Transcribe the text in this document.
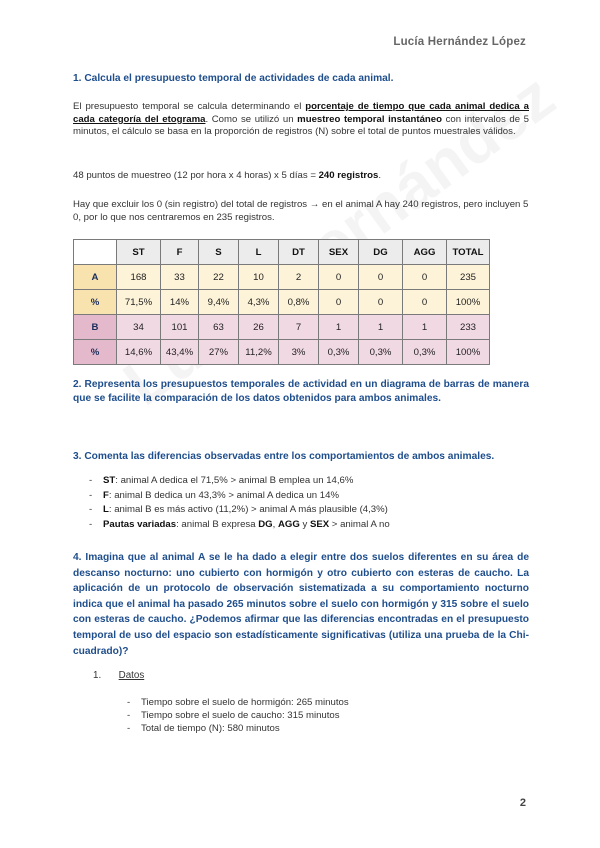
Lucía Hernández López
1. Calcula el presupuesto temporal de actividades de cada animal.
El presupuesto temporal se calcula determinando el porcentaje de tiempo que cada animal dedica a cada categoría del etograma. Como se utilizó un muestreo temporal instantáneo con intervalos de 5 minutos, el cálculo se basa en la proporción de registros (N) sobre el total de puntos muestrales válidos.
48 puntos de muestreo (12 por hora x 4 horas) x 5 días = 240 registros.
Hay que excluir los 0 (sin registro) del total de registros → en el animal A hay 240 registros, pero incluyen 5 0, por lo que nos centraremos en 235 registros.
	ST	F	S	L	DT	SEX	DG	AGG	TOTAL
A	168	33	22	10	2	0	0	0	235
%	71,5%	14%	9,4%	4,3%	0,8%	0	0	0	100%
B	34	101	63	26	7	1	1	1	233
%	14,6%	43,4%	27%	11,2%	3%	0,3%	0,3%	0,3%	100%
2. Representa los presupuestos temporales de actividad en un diagrama de barras de manera que se facilite la comparación de los datos obtenidos para ambos animales.
3. Comenta las diferencias observadas entre los comportamientos de ambos animales.
- ST: animal A dedica el 71,5% > animal B emplea un 14,6%
- F: animal B dedica un 43,3% > animal A dedica un 14%
- L: animal B es más activo (11,2%) > animal A más plausible (4,3%)
- Pautas variadas: animal B expresa DG, AGG y SEX > animal A no
4. Imagina que al animal A se le ha dado a elegir entre dos suelos diferentes en su área de descanso nocturno: uno cubierto con hormigón y otro cubierto con esteras de caucho. La aplicación de un protocolo de observación sistematizada a su comportamiento nocturno indica que el animal ha pasado 265 minutos sobre el suelo con hormigón y 315 sobre el suelo con esteras de caucho. ¿Podemos afirmar que las diferencias encontradas en el presupuesto temporal de uso del espacio son estadísticamente significativas (utiliza una prueba de la Chi-cuadrado)?
1. Datos
- Tiempo sobre el suelo de hormigón: 265 minutos
- Tiempo sobre el suelo de caucho: 315 minutos
- Total de tiempo (N): 580 minutos
2
